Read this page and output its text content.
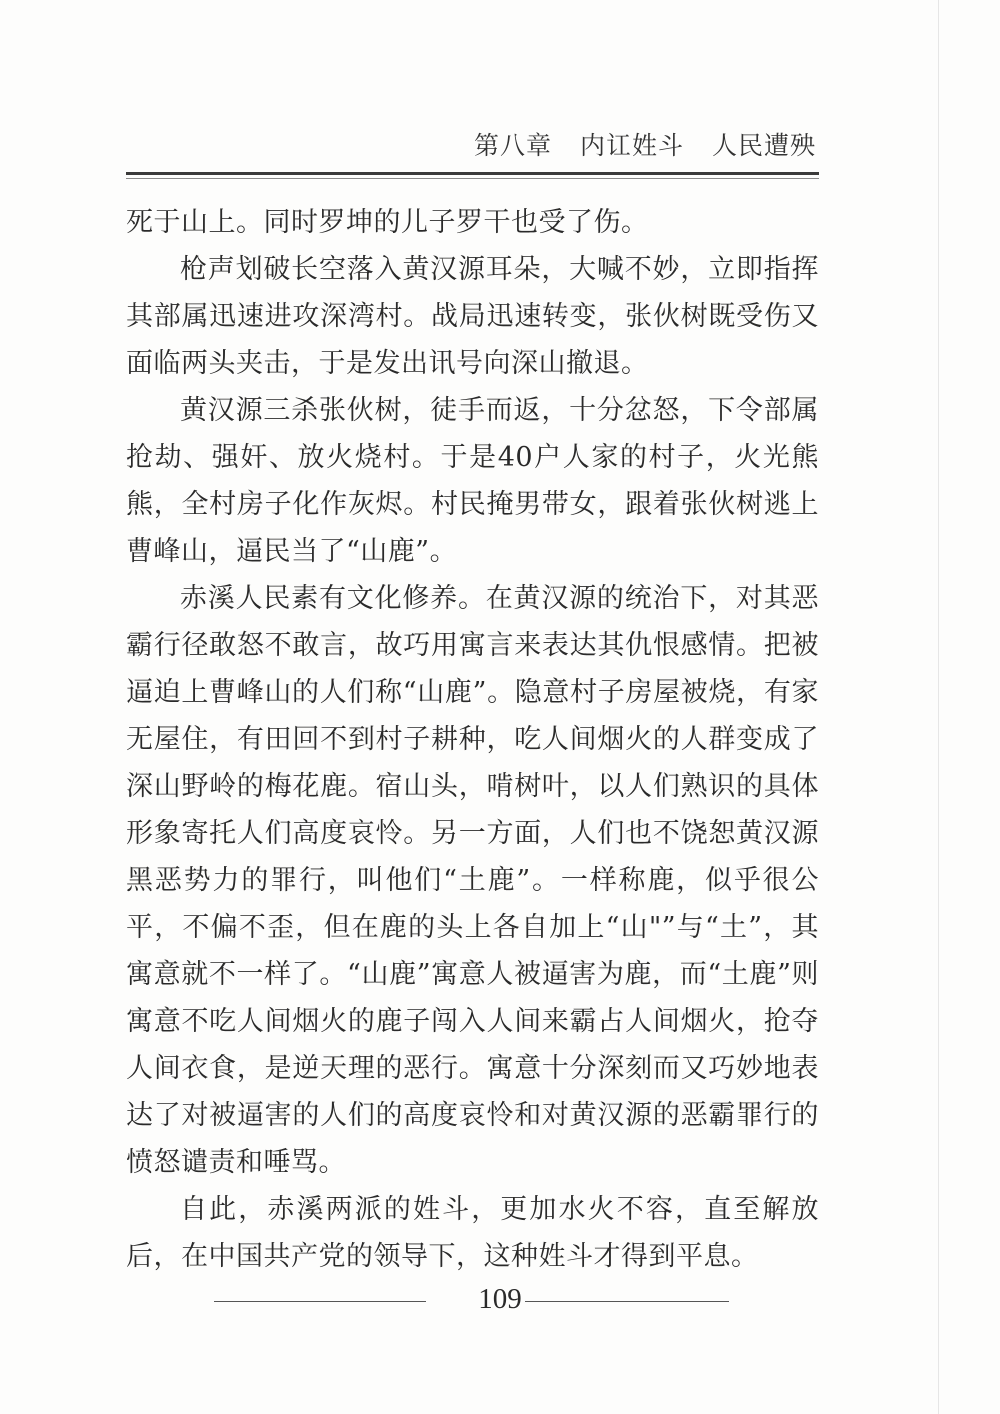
第八章 内讧姓斗 人民遭殃

死于山上。同时罗坤的儿子罗干也受了伤。

枪声划破长空落入黄汉源耳朵，大喊不妙，立即指挥其部属迅速进攻深湾村。战局迅速转变，张伙树既受伤又面临两头夹击，于是发出讯号向深山撤退。

黄汉源三杀张伙树，徒手而返，十分忿怒，下令部属抢劫、强奸、放火烧村。于是40户人家的村子，火光熊熊，全村房子化作灰烬。村民掩男带女，跟着张伙树逃上曹峰山，逼民当了“山鹿”。

赤溪人民素有文化修养。在黄汉源的统治下，对其恶霸行径敢怒不敢言，故巧用寓言来表达其仇恨感情。把被逼迫上曹峰山的人们称“山鹿”。隐意村子房屋被烧，有家无屋住，有田回不到村子耕种，吃人间烟火的人群变成了深山野岭的梅花鹿。宿山头，啃树叶，以人们熟识的具体形象寄托人们高度哀怜。另一方面，人们也不饶恕黄汉源黑恶势力的罪行，叫他们“土鹿”。一样称鹿，似乎很公平，不偏不歪，但在鹿的头上各自加上“山"”与“土”，其寓意就不一样了。“山鹿”寓意人被逼害为鹿，而“土鹿”则寓意不吃人间烟火的鹿子闯入人间来霸占人间烟火，抢夺人间衣食，是逆天理的恶行。寓意十分深刻而又巧妙地表达了对被逼害的人们的高度哀怜和对黄汉源的恶霸罪行的愤怒谴责和唾骂。

自此，赤溪两派的姓斗，更加水火不容，直至解放后，在中国共产党的领导下，这种姓斗才得到平息。

109
